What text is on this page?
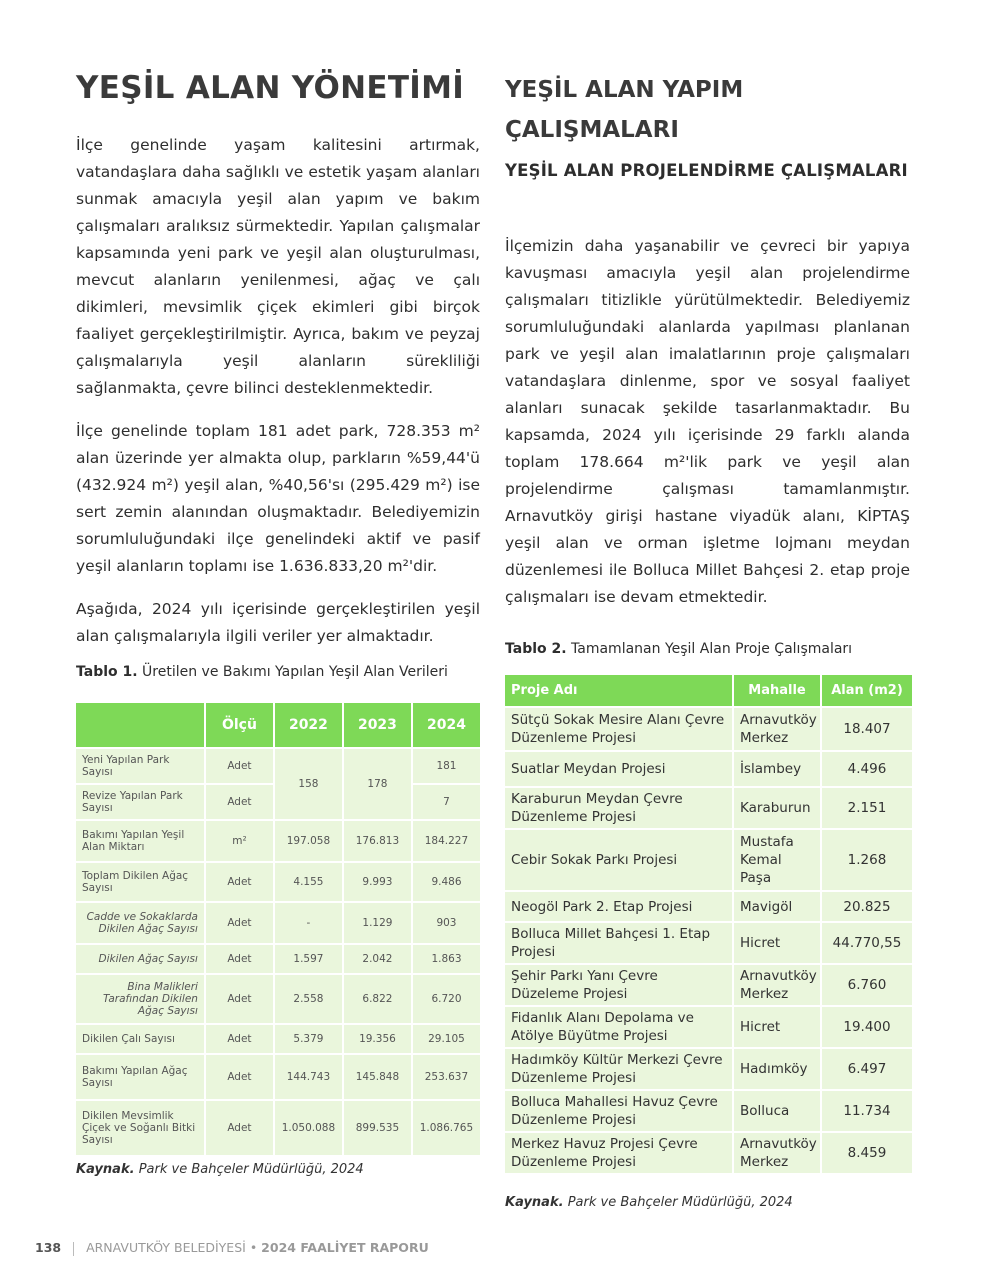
YEŞİL ALAN YÖNETİMİ
İlçe genelinde yaşam kalitesini artırmak, vatandaşlara daha sağlıklı ve estetik yaşam alanları sunmak amacıyla yeşil alan yapım ve bakım çalışmaları aralıksız sürmektedir. Yapılan çalışmalar kapsamında yeni park ve yeşil alan oluşturulması, mevcut alanların yenilenmesi, ağaç ve çalı dikimleri, mevsimlik çiçek ekimleri gibi birçok faaliyet gerçekleştirilmiştir. Ayrıca, bakım ve peyzaj çalışmalarıyla yeşil alanların sürekliliği sağlanmakta, çevre bilinci desteklenmektedir.
İlçe genelinde toplam 181 adet park, 728.353 m² alan üzerinde yer almakta olup, parkların %59,44'ü (432.924 m²) yeşil alan, %40,56'sı (295.429 m²) ise sert zemin alanından oluşmaktadır. Belediyemizin sorumluluğundaki ilçe genelindeki aktif ve pasif yeşil alanların toplamı ise 1.636.833,20 m²'dir.
Aşağıda, 2024 yılı içerisinde gerçekleştirilen yeşil alan çalışmalarıyla ilgili veriler yer almaktadır.
Tablo 1. Üretilen ve Bakımı Yapılan Yeşil Alan Verileri
	Ölçü	2022	2023	2024
Yeni Yapılan Park Sayısı	Adet	158	178	181
Revize Yapılan Park Sayısı	Adet			7
Bakımı Yapılan Yeşil Alan Miktarı	m²	197.058	176.813	184.227
Toplam Dikilen Ağaç Sayısı	Adet	4.155	9.993	9.486
Cadde ve Sokaklarda Dikilen Ağaç Sayısı	Adet	-	1.129	903
Dikilen Ağaç Sayısı	Adet	1.597	2.042	1.863
Bina Malikleri Tarafından Dikilen Ağaç Sayısı	Adet	2.558	6.822	6.720
Dikilen Çalı Sayısı	Adet	5.379	19.356	29.105
Bakımı Yapılan Ağaç Sayısı	Adet	144.743	145.848	253.637
Dikilen Mevsimlik Çiçek ve Soğanlı Bitki Sayısı	Adet	1.050.088	899.535	1.086.765
Kaynak. Park ve Bahçeler Müdürlüğü, 2024
YEŞİL ALAN YAPIM ÇALIŞMALARI
YEŞİL ALAN PROJELENDİRME ÇALIŞMALARI
İlçemizin daha yaşanabilir ve çevreci bir yapıya kavuşması amacıyla yeşil alan projelendirme çalışmaları titizlikle yürütülmektedir. Belediyemiz sorumluluğundaki alanlarda yapılması planlanan park ve yeşil alan imalatlarının proje çalışmaları vatandaşlara dinlenme, spor ve sosyal faaliyet alanları sunacak şekilde tasarlanmaktadır. Bu kapsamda, 2024 yılı içerisinde 29 farklı alanda toplam 178.664 m²'lik park ve yeşil alan projelendirme çalışması tamamlanmıştır. Arnavutköy girişi hastane viyadük alanı, KİPTAŞ yeşil alan ve orman işletme lojmanı meydan düzenlemesi ile Bolluca Millet Bahçesi 2. etap proje çalışmaları ise devam etmektedir.
Tablo 2. Tamamlanan Yeşil Alan Proje Çalışmaları
Proje Adı	Mahalle	Alan (m2)
Sütçü Sokak Mesire Alanı Çevre Düzenleme Projesi	Arnavutköy Merkez	18.407
Suatlar Meydan Projesi	İslambey	4.496
Karaburun Meydan Çevre Düzenleme Projesi	Karaburun	2.151
Cebir Sokak Parkı Projesi	Mustafa Kemal Paşa	1.268
Neogöl Park 2. Etap Projesi	Mavigöl	20.825
Bolluca Millet Bahçesi 1. Etap Projesi	Hicret	44.770,55
Şehir Parkı Yanı Çevre Düzeleme Projesi	Arnavutköy Merkez	6.760
Fidanlık Alanı Depolama ve Atölye Büyütme Projesi	Hicret	19.400
Hadımköy Kültür Merkezi Çevre Düzenleme Projesi	Hadımköy	6.497
Bolluca Mahallesi Havuz Çevre Düzenleme Projesi	Bolluca	11.734
Merkez Havuz Projesi Çevre Düzenleme Projesi	Arnavutköy Merkez	8.459
Kaynak. Park ve Bahçeler Müdürlüğü, 2024
138 ARNAVUTKÖY BELEDİYESİ • 2024 FAALİYET RAPORU
